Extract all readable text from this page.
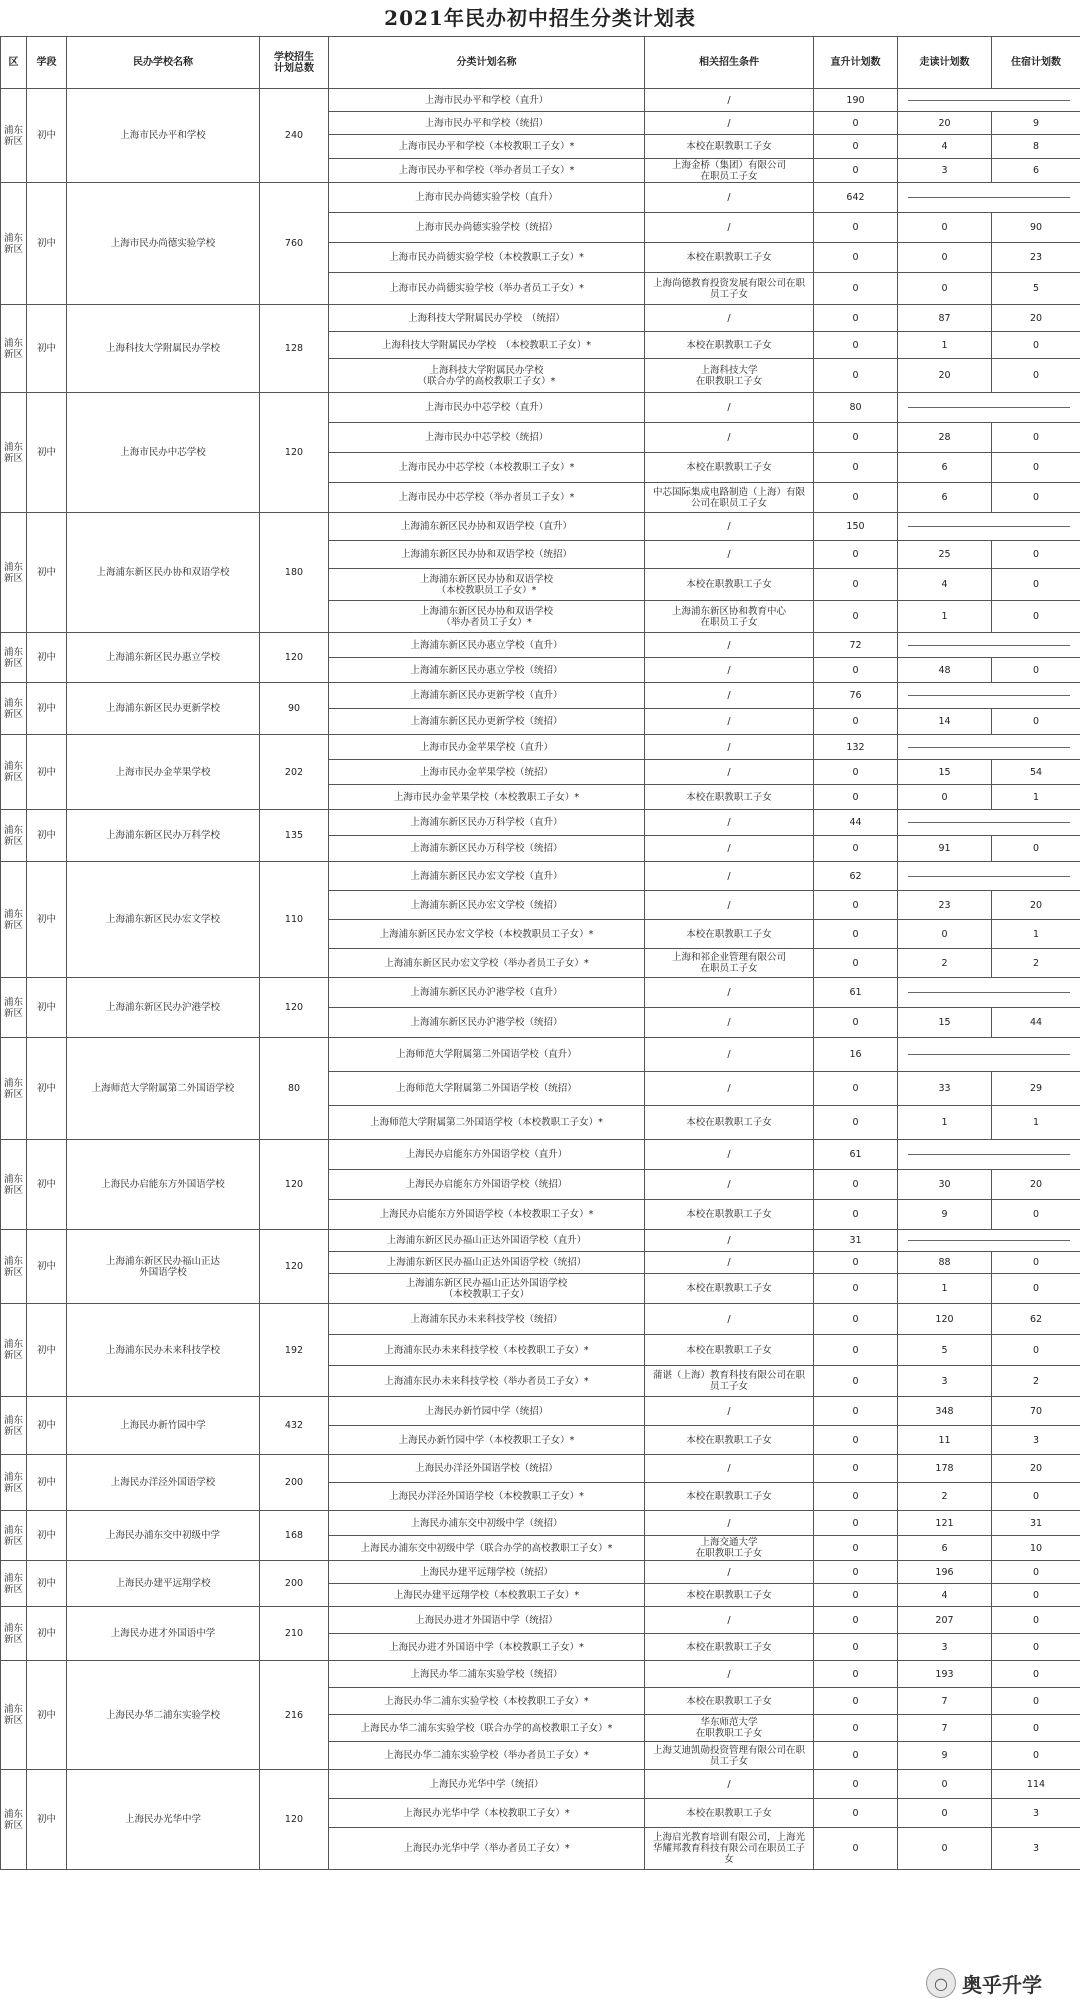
2021年民办初中招生分类计划表
区	学段	民办学校名称	学校招生计划总数	分类计划名称	相关招生条件	直升计划数	走读计划数	住宿计划数
浦东新区	初中	上海市民办平和学校	240	上海市民办平和学校（直升）	/	190		

				上海市民办平和学校（统招）	/	0	20	9
				上海市民办平和学校（本校教职工子女）*	本校在职教职工子女	0	4	8
				上海市民办平和学校（举办者员工子女）*	上海金桥（集团）有限公司
在职员工子女	0	3	6
浦东新区	初中	上海市民办尚德实验学校	760	上海市民办尚德实验学校（直升）	/	642		

				上海市民办尚德实验学校（统招）	/	0	0	90
				上海市民办尚德实验学校（本校教职工子女）*	本校在职教职工子女	0	0	23
				上海市民办尚德实验学校（举办者员工子女）*	上海尚德教育投资发展有限公司在职
员工子女	0	0	5
浦东新区	初中	上海科技大学附属民办学校	128	上海科技大学附属民办学校　（统招）	/	0	87	20
				上海科技大学附属民办学校　（本校教职工子女）*	本校在职教职工子女	0	1	0
				上海科技大学附属民办学校
（联合办学的高校教职工子女）*	上海科技大学
在职教职工子女	0	20	0
浦东新区	初中	上海市民办中芯学校	120	上海市民办中芯学校（直升）	/	80		

				上海市民办中芯学校（统招）	/	0	28	0
				上海市民办中芯学校（本校教职工子女）*	本校在职教职工子女	0	6	0
				上海市民办中芯学校（举办者员工子女）*	中芯国际集成电路制造（上海）有限
公司在职员工子女	0	6	0
浦东新区	初中	上海浦东新区民办协和双语学校	180	上海浦东新区民办协和双语学校（直升）	/	150		

				上海浦东新区民办协和双语学校（统招）	/	0	25	0
				上海浦东新区民办协和双语学校
（本校教职员工子女）*	本校在职教职工子女	0	4	0
				上海浦东新区民办协和双语学校
（举办者员工子女）*	上海浦东新区协和教育中心
在职员工子女	0	1	0
浦东新区	初中	上海浦东新区民办惠立学校	120	上海浦东新区民办惠立学校（直升）	/	72		

				上海浦东新区民办惠立学校（统招）	/	0	48	0
浦东新区	初中	上海浦东新区民办更新学校	90	上海浦东新区民办更新学校（直升）	/	76		

				上海浦东新区民办更新学校（统招）	/	0	14	0
浦东新区	初中	上海市民办金苹果学校	202	上海市民办金苹果学校（直升）	/	132		

				上海市民办金苹果学校（统招）	/	0	15	54
				上海市民办金苹果学校（本校教职工子女）*	本校在职教职工子女	0	0	1
浦东新区	初中	上海浦东新区民办万科学校	135	上海浦东新区民办万科学校（直升）	/	44		

				上海浦东新区民办万科学校（统招）	/	0	91	0
浦东新区	初中	上海浦东新区民办宏文学校	110	上海浦东新区民办宏文学校（直升）	/	62		

				上海浦东新区民办宏文学校（统招）	/	0	23	20
				上海浦东新区民办宏文学校（本校教职员工子女）*	本校在职教职工子女	0	0	1
				上海浦东新区民办宏文学校（举办者员工子女）*	上海和祁企业管理有限公司
在职员工子女	0	2	2
浦东新区	初中	上海浦东新区民办沪港学校	120	上海浦东新区民办沪港学校（直升）	/	61		

				上海浦东新区民办沪港学校（统招）	/	0	15	44
浦东新区	初中	上海师范大学附属第二外国语学校	80	上海师范大学附属第二外国语学校（直升）	/	16		

				上海师范大学附属第二外国语学校（统招）	/	0	33	29
				上海师范大学附属第二外国语学校（本校教职工子女）*	本校在职教职工子女	0	1	1
浦东新区	初中	上海民办启能东方外国语学校	120	上海民办启能东方外国语学校（直升）	/	61		

				上海民办启能东方外国语学校（统招）	/	0	30	20
				上海民办启能东方外国语学校（本校教职工子女）*	本校在职教职工子女	0	9	0
浦东新区	初中	上海浦东新区民办福山正达
外国语学校	120	上海浦东新区民办福山正达外国语学校（直升）	/	31		

				上海浦东新区民办福山正达外国语学校（统招）	/	0	88	0
				上海浦东新区民办福山正达外国语学校
（本校教职工子女）	本校在职教职工子女	0	1	0
浦东新区	初中	上海浦东民办未来科技学校	192	上海浦东民办未来科技学校（统招）	/	0	120	62
				上海浦东民办未来科技学校（本校教职工子女）*	本校在职教职工子女	0	5	0
				上海浦东民办未来科技学校（举办者员工子女）*	蒲谌（上海）教育科技有限公司在职
员工子女	0	3	2
浦东新区	初中	上海民办新竹园中学	432	上海民办新竹园中学（统招）	/	0	348	70
				上海民办新竹园中学（本校教职工子女）*	本校在职教职工子女	0	11	3
浦东新区	初中	上海民办洋泾外国语学校	200	上海民办洋泾外国语学校（统招）	/	0	178	20
				上海民办洋泾外国语学校（本校教职工子女）*	本校在职教职工子女	0	2	0
浦东新区	初中	上海民办浦东交中初级中学	168	上海民办浦东交中初级中学（统招）	/	0	121	31
				上海民办浦东交中初级中学（联合办学的高校教职工子女）*	上海交通大学
在职教职工子女	0	6	10
浦东新区	初中	上海民办建平远翔学校	200	上海民办建平远翔学校（统招）	/	0	196	0
				上海民办建平远翔学校（本校教职工子女）*	本校在职教职工子女	0	4	0
浦东新区	初中	上海民办进才外国语中学	210	上海民办进才外国语中学（统招）	/	0	207	0
				上海民办进才外国语中学（本校教职工子女）*	本校在职教职工子女	0	3	0
浦东新区	初中	上海民办华二浦东实验学校	216	上海民办华二浦东实验学校（统招）	/	0	193	0
				上海民办华二浦东实验学校（本校教职工子女）*	本校在职教职工子女	0	7	0
				上海民办华二浦东实验学校（联合办学的高校教职工子女）*	华东师范大学
在职教职工子女	0	7	0
				上海民办华二浦东实验学校（举办者员工子女）*	上海艾迪凯勋投资管理有限公司在职
员工子女	0	9	0
浦东新区	初中	上海民办光华中学	120	上海民办光华中学（统招）	/	0	0	114
				上海民办光华中学（本校教职工子女）*	本校在职教职工子女	0	0	3
				上海民办光华中学（举办者员工子女）*	上海启光教育培训有限公司，上海光
华耀邦教育科技有限公司在职员工子
女	0	0	3
○ 奥乎升学
